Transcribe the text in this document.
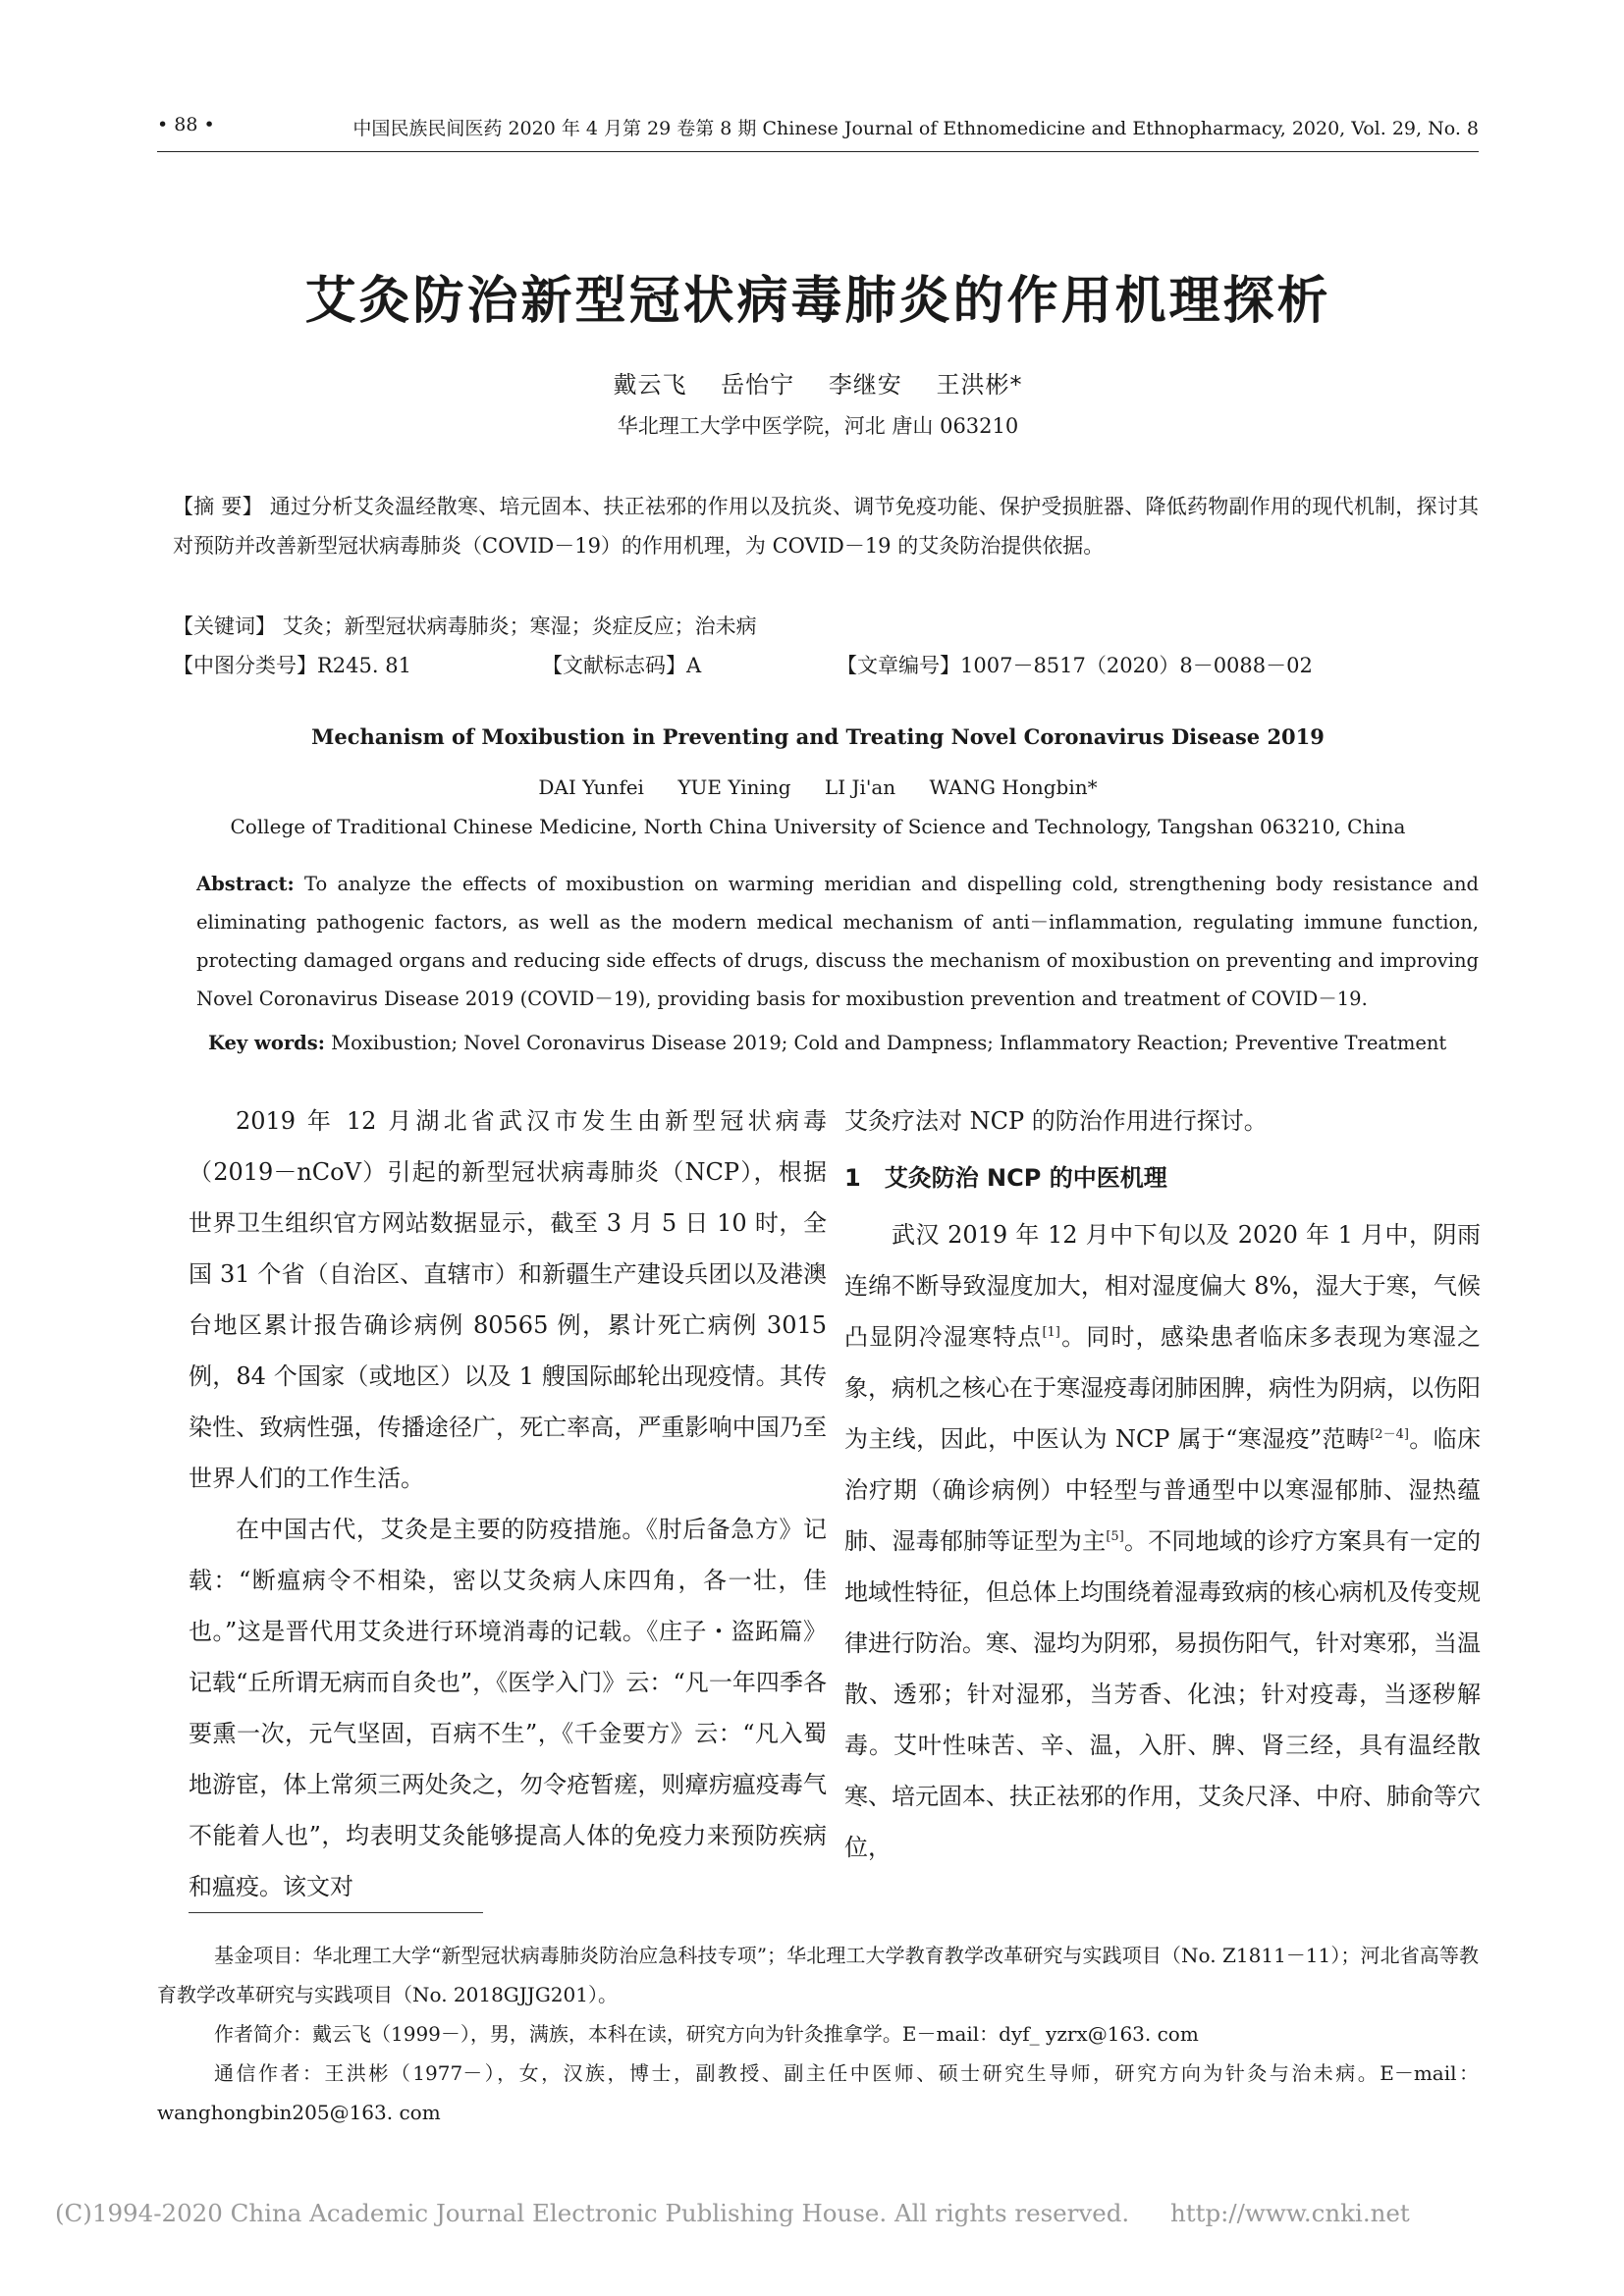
• 88 •	中国民族民间医药 2020 年 4 月第 29 卷第 8 期 Chinese Journal of Ethnomedicine and Ethnopharmacy, 2020, Vol. 29, No. 8
艾灸防治新型冠状病毒肺炎的作用机理探析
戴云飞 岳怡宁 李继安 王洪彬*
华北理工大学中医学院，河北 唐山 063210
【摘 要】 通过分析艾灸温经散寒、培元固本、扶正祛邪的作用以及抗炎、调节免疫功能、保护受损脏器、降低药物副作用的现代机制，探讨其对预防并改善新型冠状病毒肺炎（COVID－19）的作用机理，为 COVID－19 的艾灸防治提供依据。
【关键词】 艾灸；新型冠状病毒肺炎；寒湿；炎症反应；治未病
【中图分类号】R245. 81	【文献标志码】A	【文章编号】1007－8517（2020）8－0088－02
Mechanism of Moxibustion in Preventing and Treating Novel Coronavirus Disease 2019
DAI Yunfei YUE Yining LI Ji'an WANG Hongbin*
College of Traditional Chinese Medicine, North China University of Science and Technology, Tangshan 063210, China
Abstract: To analyze the effects of moxibustion on warming meridian and dispelling cold, strengthening body resistance and eliminating pathogenic factors, as well as the modern medical mechanism of anti－inflammation, regulating immune function, protecting damaged organs and reducing side effects of drugs, discuss the mechanism of moxibustion on preventing and improving Novel Coronavirus Disease 2019 (COVID－19), providing basis for moxibustion prevention and treatment of COVID－19.
Key words: Moxibustion; Novel Coronavirus Disease 2019; Cold and Dampness; Inflammatory Reaction; Preventive Treatment

2019 年 12 月湖北省武汉市发生由新型冠状病毒（2019－nCoV）引起的新型冠状病毒肺炎（NCP），根据世界卫生组织官方网站数据显示，截至 3 月 5 日 10 时，全国 31 个省（自治区、直辖市）和新疆生产建设兵团以及港澳台地区累计报告确诊病例 80565 例，累计死亡病例 3015 例，84 个国家（或地区）以及 1 艘国际邮轮出现疫情。其传染性、致病性强，传播途径广，死亡率高，严重影响中国乃至世界人们的工作生活。

在中国古代，艾灸是主要的防疫措施。《肘后备急方》记载：“断瘟病令不相染，密以艾灸病人床四角，各一壮，佳也。”这是晋代用艾灸进行环境消毒的记载。《庄子・盗跖篇》记载“丘所谓无病而自灸也”，《医学入门》云：“凡一年四季各要熏一次，元气坚固，百病不生”，《千金要方》云：“凡入蜀地游宦，体上常须三两处灸之，勿令疮暂瘥，则瘴疠瘟疫毒气不能着人也”，均表明艾灸能够提高人体的免疫力来预防疾病和瘟疫。该文对

艾灸疗法对 NCP 的防治作用进行探讨。

1 艾灸防治 NCP 的中医机理

武汉 2019 年 12 月中下旬以及 2020 年 1 月中，阴雨连绵不断导致湿度加大，相对湿度偏大 8%，湿大于寒，气候凸显阴冷湿寒特点[1]。同时，感染患者临床多表现为寒湿之象，病机之核心在于寒湿疫毒闭肺困脾，病性为阴病，以伤阳为主线，因此，中医认为 NCP 属于“寒湿疫”范畴[2－4]。临床治疗期（确诊病例）中轻型与普通型中以寒湿郁肺、湿热蕴肺、湿毒郁肺等证型为主[5]。不同地域的诊疗方案具有一定的地域性特征，但总体上均围绕着湿毒致病的核心病机及传变规律进行防治。寒、湿均为阴邪，易损伤阳气，针对寒邪，当温散、透邪；针对湿邪，当芳香、化浊；针对疫毒，当逐秽解毒。艾叶性味苦、辛、温，入肝、脾、肾三经，具有温经散寒、培元固本、扶正祛邪的作用，艾灸尺泽、中府、肺俞等穴位，

基金项目：华北理工大学“新型冠状病毒肺炎防治应急科技专项”；华北理工大学教育教学改革研究与实践项目（No. Z1811－11）；河北省高等教育教学改革研究与实践项目（No. 2018GJJG201）。

作者简介：戴云飞（1999－），男，满族，本科在读，研究方向为针灸推拿学。E－mail：dyf_ yzrx@163. com

通信作者：王洪彬（1977－），女，汉族，博士，副教授、副主任中医师、硕士研究生导师，研究方向为针灸与治未病。E－mail：wanghongbin205@163. com

(C)1994-2020 China Academic Journal Electronic Publishing House. All rights reserved. http://www.cnki.net
